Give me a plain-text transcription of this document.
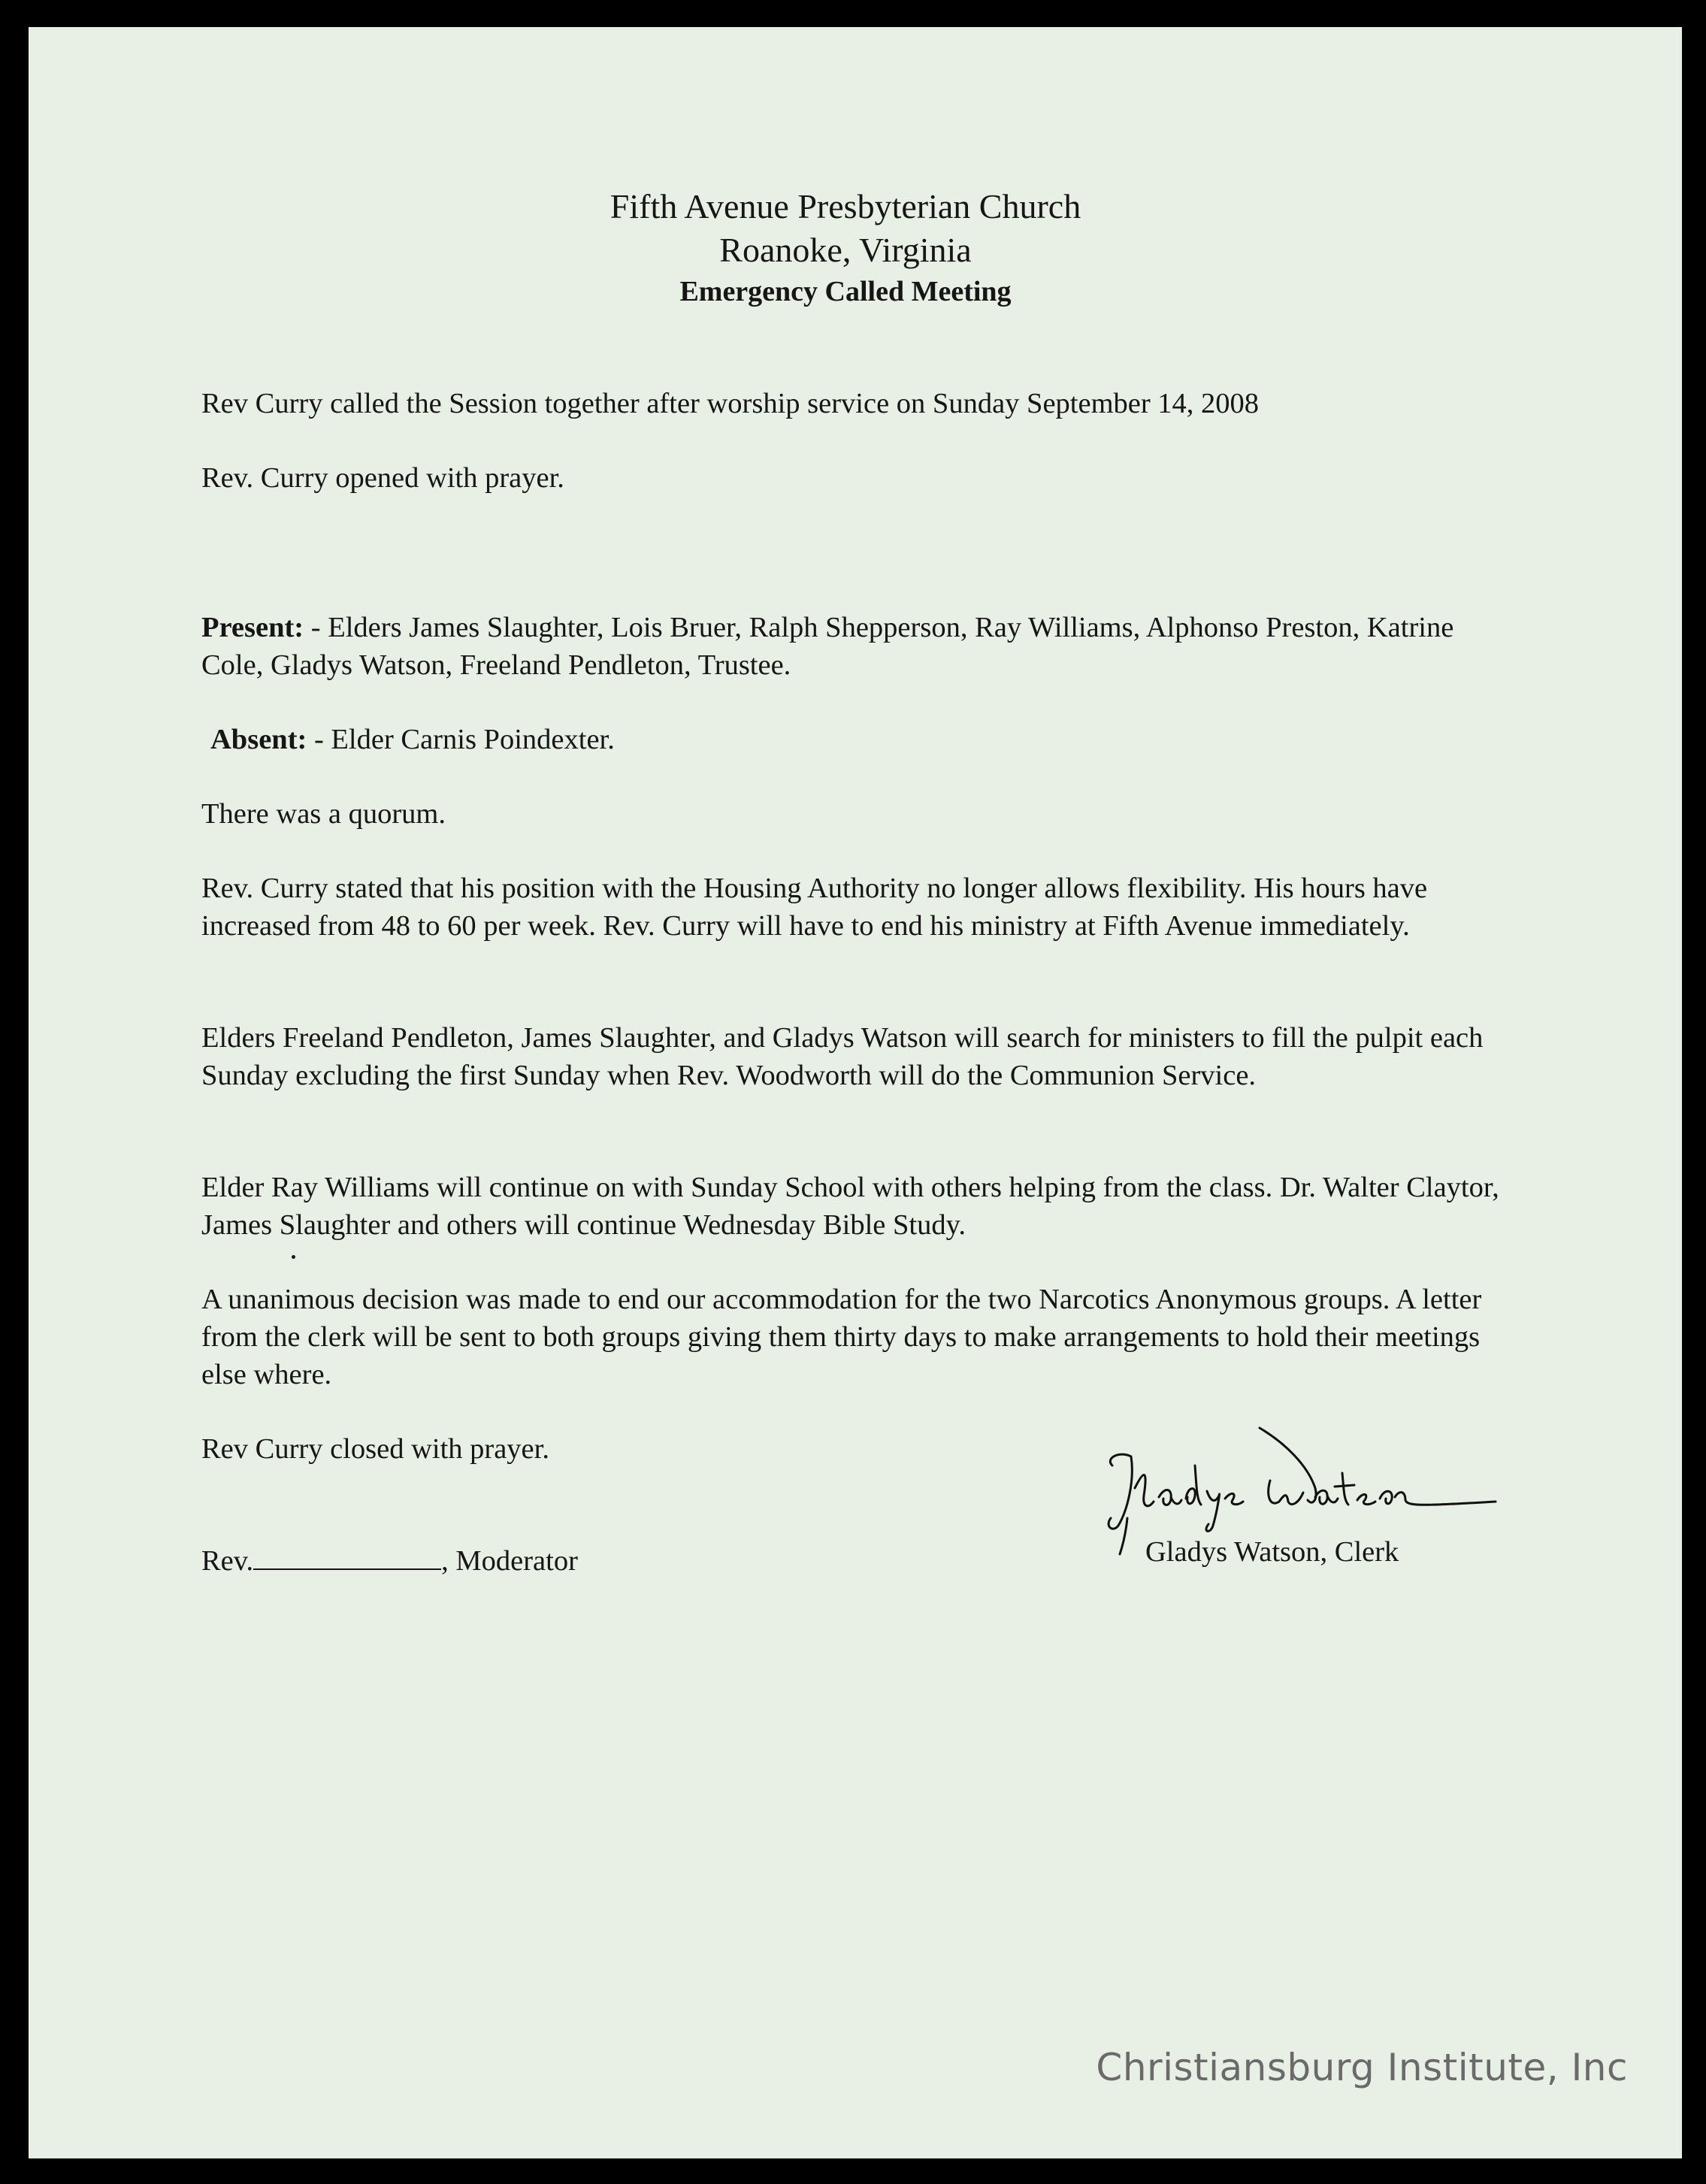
Fifth Avenue Presbyterian Church
Roanoke, Virginia
Emergency Called Meeting
Rev Curry called the Session together after worship service on Sunday September 14, 2008
Rev. Curry opened with prayer.
Present: - Elders James Slaughter, Lois Bruer, Ralph Shepperson, Ray Williams, Alphonso Preston, Katrine Cole, Gladys Watson, Freeland Pendleton, Trustee.
Absent: - Elder Carnis Poindexter.
There was a quorum.
Rev. Curry stated that his position with the Housing Authority no longer allows flexibility. His hours have increased from 48 to 60 per week. Rev. Curry will have to end his ministry at Fifth Avenue immediately.
Elders Freeland Pendleton, James Slaughter, and Gladys Watson will search for ministers to fill the pulpit each Sunday excluding the first Sunday when Rev. Woodworth will do the Communion Service.
Elder Ray Williams will continue on with Sunday School with others helping from the class. Dr. Walter Claytor, James Slaughter and others will continue Wednesday Bible Study.
A unanimous decision was made to end our accommodation for the two Narcotics Anonymous groups. A letter from the clerk will be sent to both groups giving them thirty days to make arrangements to hold their meetings else where.
Rev Curry closed with prayer.
Rev.	, Moderator	Gladys Watson, Clerk
Christiansburg Institute, Inc
